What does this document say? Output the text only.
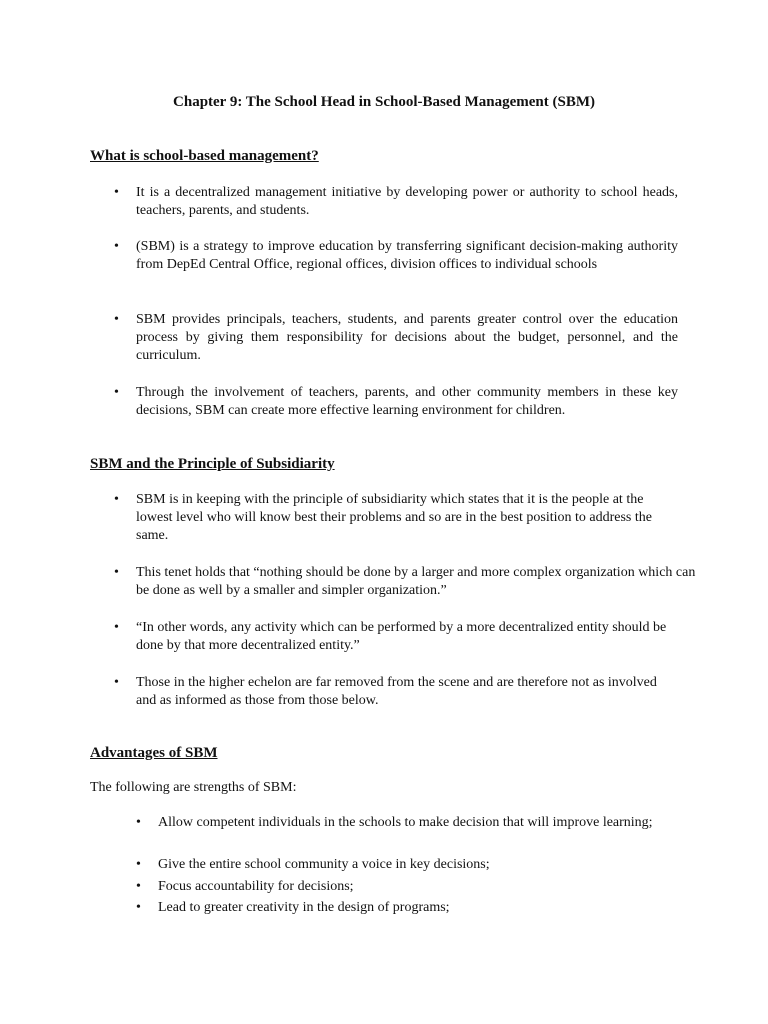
Chapter 9: The School Head in School-Based Management (SBM)
What is school-based management?
• It is a decentralized management initiative by developing power or authority to school heads, teachers, parents, and students.
• (SBM) is a strategy to improve education by transferring significant decision-making authority from DepEd Central Office, regional offices, division offices to individual schools
• SBM provides principals, teachers, students, and parents greater control over the education process by giving them responsibility for decisions about the budget, personnel, and the curriculum.
• Through the involvement of teachers, parents, and other community members in these key decisions, SBM can create more effective learning environment for children.
SBM and the Principle of Subsidiarity
• SBM is in keeping with the principle of subsidiarity which states that it is the people at the lowest level who will know best their problems and so are in the best position to address the same.
• This tenet holds that “nothing should be done by a larger and more complex organization which can be done as well by a smaller and simpler organization.”
• “In other words, any activity which can be performed by a more decentralized entity should be done by that more decentralized entity.”
• Those in the higher echelon are far removed from the scene and are therefore not as involved and as informed as those from those below.
Advantages of SBM

The following are strengths of SBM:

• Allow competent individuals in the schools to make decision that will improve learning;
• Give the entire school community a voice in key decisions;
• Focus accountability for decisions;
• Lead to greater creativity in the design of programs;
